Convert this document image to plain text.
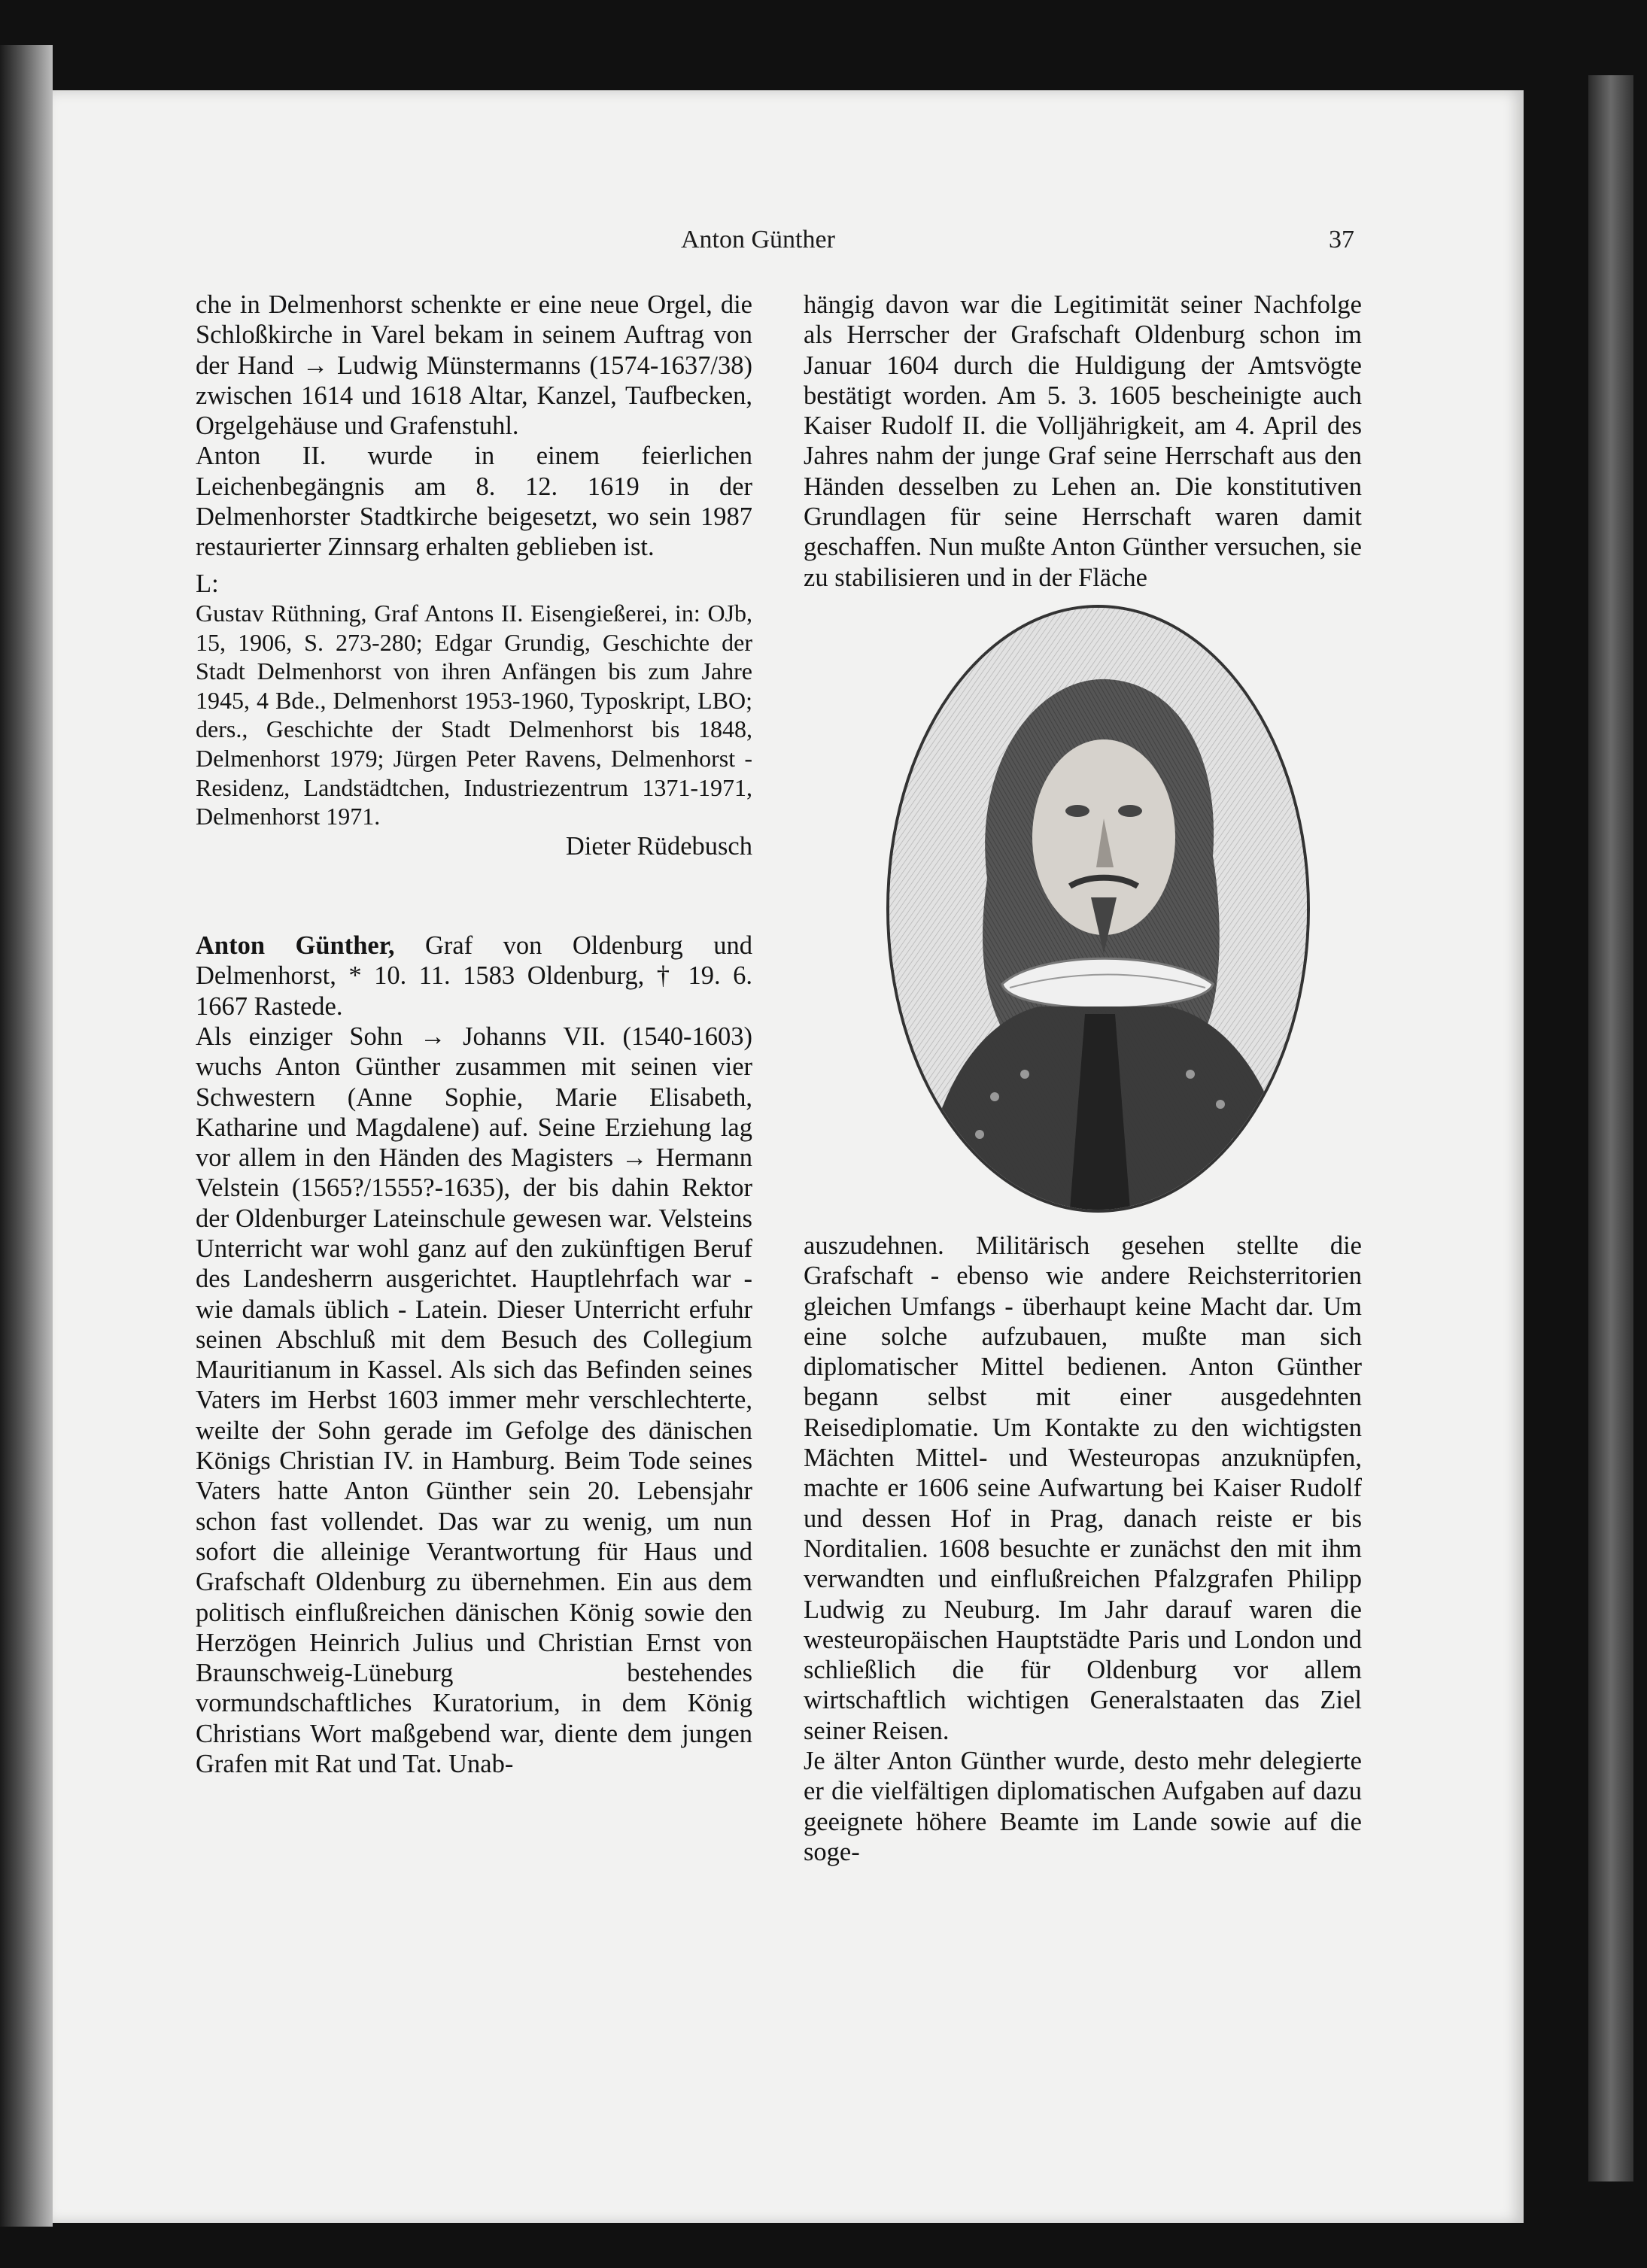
Anton Günther	37

che in Delmenhorst schenkte er eine neue Orgel, die Schloßkirche in Varel bekam in seinem Auftrag von der Hand → Ludwig Münstermanns (1574-1637/38) zwischen 1614 und 1618 Altar, Kanzel, Taufbecken, Orgelgehäuse und Grafenstuhl.

Anton II. wurde in einem feierlichen Leichenbegängnis am 8. 12. 1619 in der Delmenhorster Stadtkirche beigesetzt, wo sein 1987 restaurierter Zinnsarg erhalten geblieben ist.

L:

Gustav Rüthning, Graf Antons II. Eisengießerei, in: OJb, 15, 1906, S. 273-280; Edgar Grundig, Geschichte der Stadt Delmenhorst von ihren Anfängen bis zum Jahre 1945, 4 Bde., Delmenhorst 1953-1960, Typoskript, LBO; ders., Geschichte der Stadt Delmenhorst bis 1848, Delmenhorst 1979; Jürgen Peter Ravens, Delmenhorst - Residenz, Landstädtchen, Industriezentrum 1371-1971, Delmenhorst 1971.

Dieter Rüdebusch

Anton Günther, Graf von Oldenburg und Delmenhorst, * 10. 11. 1583 Oldenburg, † 19. 6. 1667 Rastede.

Als einziger Sohn → Johanns VII. (1540-1603) wuchs Anton Günther zusammen mit seinen vier Schwestern (Anne Sophie, Marie Elisabeth, Katharine und Magdalene) auf. Seine Erziehung lag vor allem in den Händen des Magisters → Hermann Velstein (1565?/1555?-1635), der bis dahin Rektor der Oldenburger Lateinschule gewesen war. Velsteins Unterricht war wohl ganz auf den zukünftigen Beruf des Landesherrn ausgerichtet. Hauptlehrfach war - wie damals üblich - Latein. Dieser Unterricht erfuhr seinen Abschluß mit dem Besuch des Collegium Mauritianum in Kassel. Als sich das Befinden seines Vaters im Herbst 1603 immer mehr verschlechterte, weilte der Sohn gerade im Gefolge des dänischen Königs Christian IV. in Hamburg. Beim Tode seines Vaters hatte Anton Günther sein 20. Lebensjahr schon fast vollendet. Das war zu wenig, um nun sofort die alleinige Verantwortung für Haus und Grafschaft Oldenburg zu übernehmen. Ein aus dem politisch einflußreichen dänischen König sowie den Herzögen Heinrich Julius und Christian Ernst von Braunschweig-Lüneburg bestehendes vormundschaftliches Kuratorium, in dem König Christians Wort maßgebend war, diente dem jungen Grafen mit Rat und Tat. Unab-

hängig davon war die Legitimität seiner Nachfolge als Herrscher der Grafschaft Oldenburg schon im Januar 1604 durch die Huldigung der Amtsvögte bestätigt worden. Am 5. 3. 1605 bescheinigte auch Kaiser Rudolf II. die Volljährigkeit, am 4. April des Jahres nahm der junge Graf seine Herrschaft aus den Händen desselben zu Lehen an. Die konstitutiven Grundlagen für seine Herrschaft waren damit geschaffen. Nun mußte Anton Günther versuchen, sie zu stabilisieren und in der Fläche

auszudehnen. Militärisch gesehen stellte die Grafschaft - ebenso wie andere Reichsterritorien gleichen Umfangs - überhaupt keine Macht dar. Um eine solche aufzubauen, mußte man sich diplomatischer Mittel bedienen. Anton Günther begann selbst mit einer ausgedehnten Reisediplomatie. Um Kontakte zu den wichtigsten Mächten Mittel- und Westeuropas anzuknüpfen, machte er 1606 seine Aufwartung bei Kaiser Rudolf und dessen Hof in Prag, danach reiste er bis Norditalien. 1608 besuchte er zunächst den mit ihm verwandten und einflußreichen Pfalzgrafen Philipp Ludwig zu Neuburg. Im Jahr darauf waren die westeuropäischen Hauptstädte Paris und London und schließlich die für Oldenburg vor allem wirtschaftlich wichtigen Generalstaaten das Ziel seiner Reisen.

Je älter Anton Günther wurde, desto mehr delegierte er die vielfältigen diplomatischen Aufgaben auf dazu geeignete höhere Beamte im Lande sowie auf die soge-
